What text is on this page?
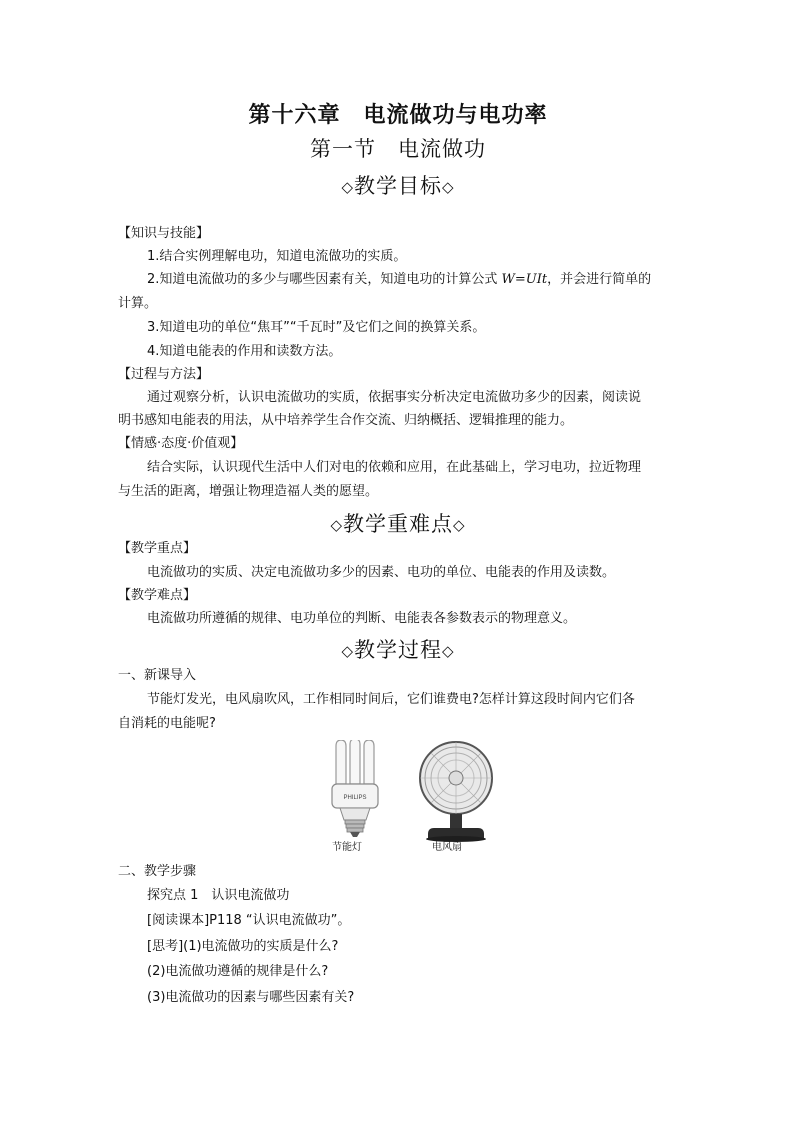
第十六章　电流做功与电功率
第一节　电流做功
◇教学目标◇
【知识与技能】
1.结合实例理解电功，知道电流做功的实质。
2.知道电流做功的多少与哪些因素有关，知道电功的计算公式 W=UIt，并会进行简单的
计算。
3.知道电功的单位“焦耳”“千瓦时”及它们之间的换算关系。
4.知道电能表的作用和读数方法。
【过程与方法】
通过观察分析，认识电流做功的实质，依据事实分析决定电流做功多少的因素，阅读说
明书感知电能表的用法，从中培养学生合作交流、归纳概括、逻辑推理的能力。
【情感·态度·价值观】
结合实际，认识现代生活中人们对电的依赖和应用，在此基础上，学习电功，拉近物理
与生活的距离，增强让物理造福人类的愿望。
◇教学重难点◇
【教学重点】
电流做功的实质、决定电流做功多少的因素、电功的单位、电能表的作用及读数。
【教学难点】
电流做功所遵循的规律、电功单位的判断、电能表各参数表示的物理意义。
◇教学过程◇
一、新课导入
节能灯发光，电风扇吹风，工作相同时间后，它们谁费电?怎样计算这段时间内它们各
自消耗的电能呢?
二、教学步骤
探究点 1　认识电流做功
[阅读课本]P118 “认识电流做功”。
[思考](1)电流做功的实质是什么?
(2)电流做功遵循的规律是什么?
(3)电流做功的因素与哪些因素有关?
PHILIPS
节能灯	电风扇
